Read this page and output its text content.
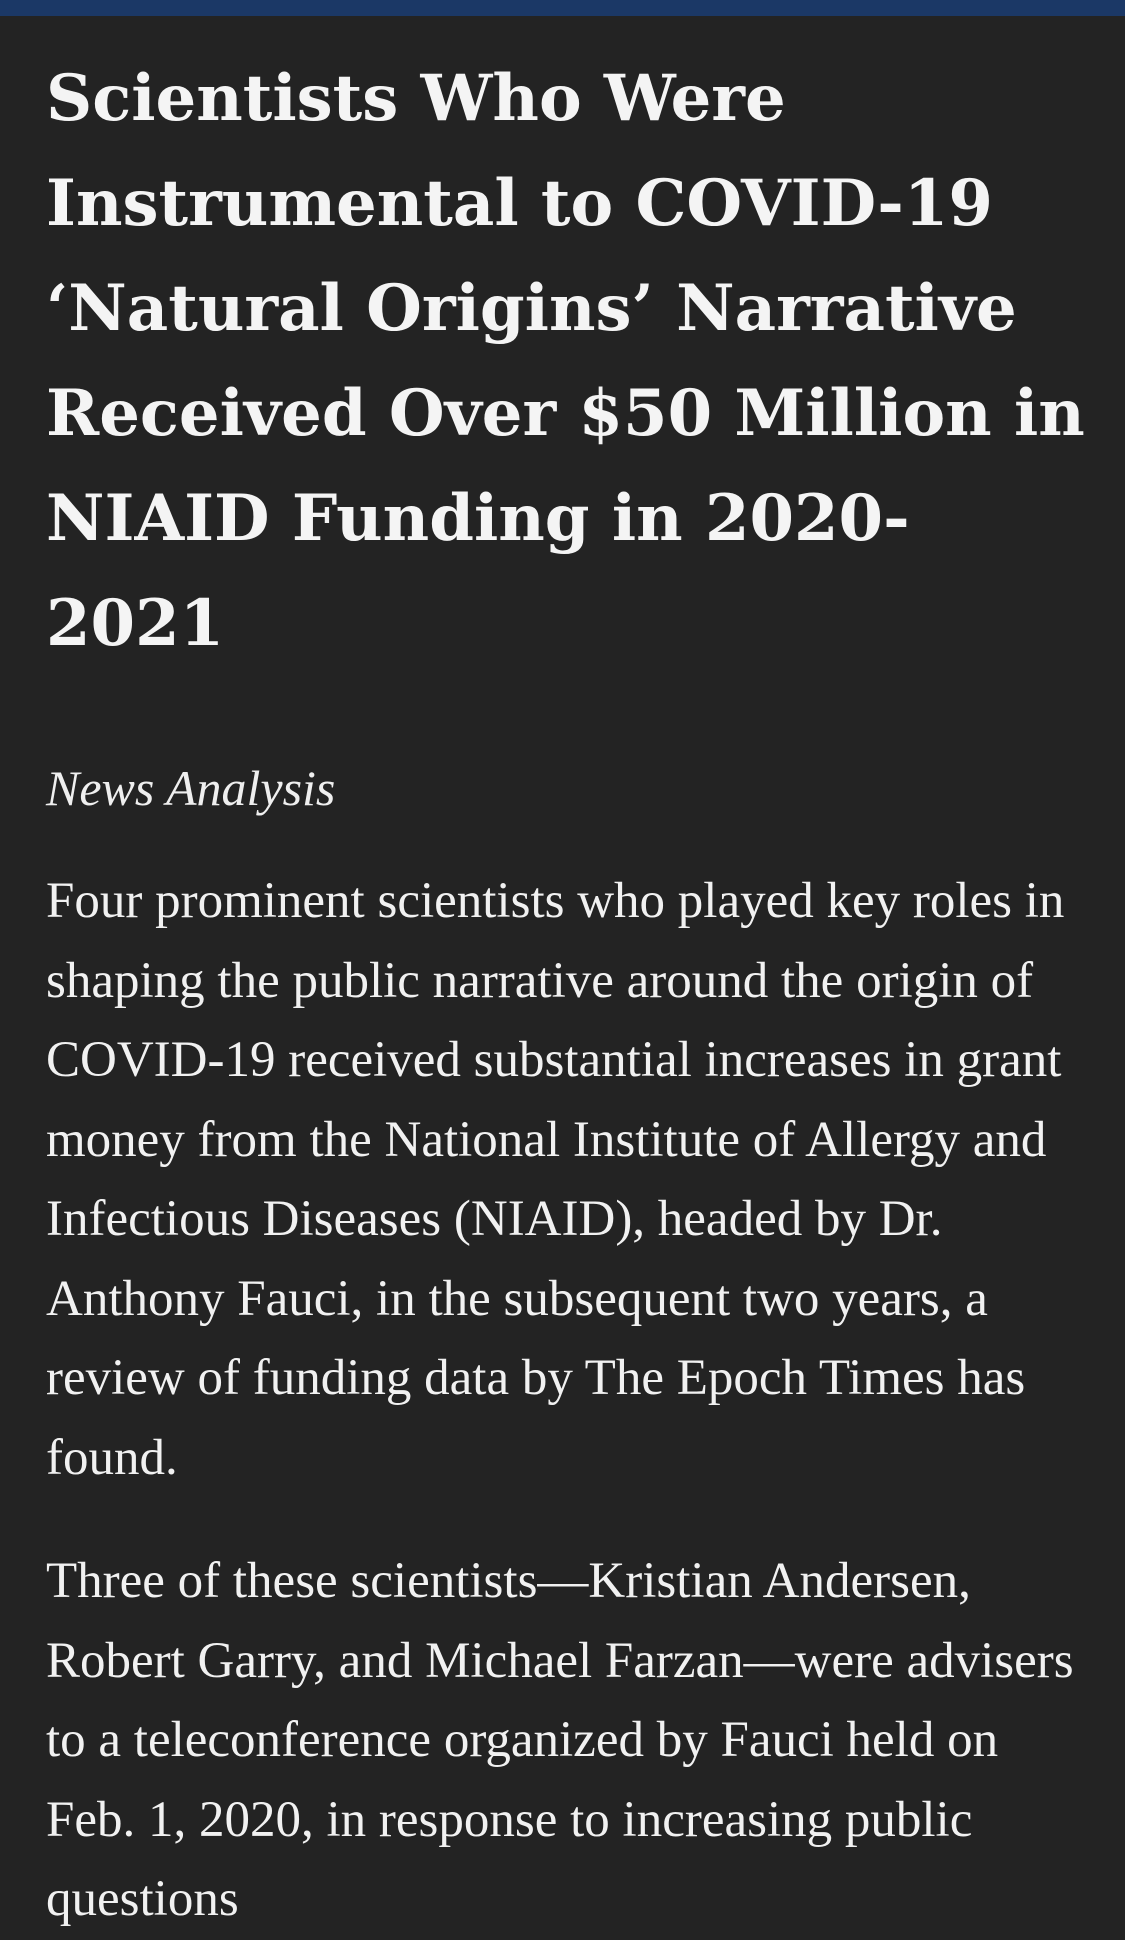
Scientists Who Were Instrumental to COVID-19 ‘Natural Origins’ Narrative Received Over $50 Million in NIAID Funding in 2020-2021

News Analysis

Four prominent scientists who played key roles in shaping the public narrative around the origin of COVID-19 received substantial increases in grant money from the National Institute of Allergy and Infectious Diseases (NIAID), headed by Dr. Anthony Fauci, in the subsequent two years, a review of funding data by The Epoch Times has found.

Three of these scientists—Kristian Andersen, Robert Garry, and Michael Farzan—were advisers to a teleconference organized by Fauci held on Feb. 1, 2020, in response to increasing public questions
